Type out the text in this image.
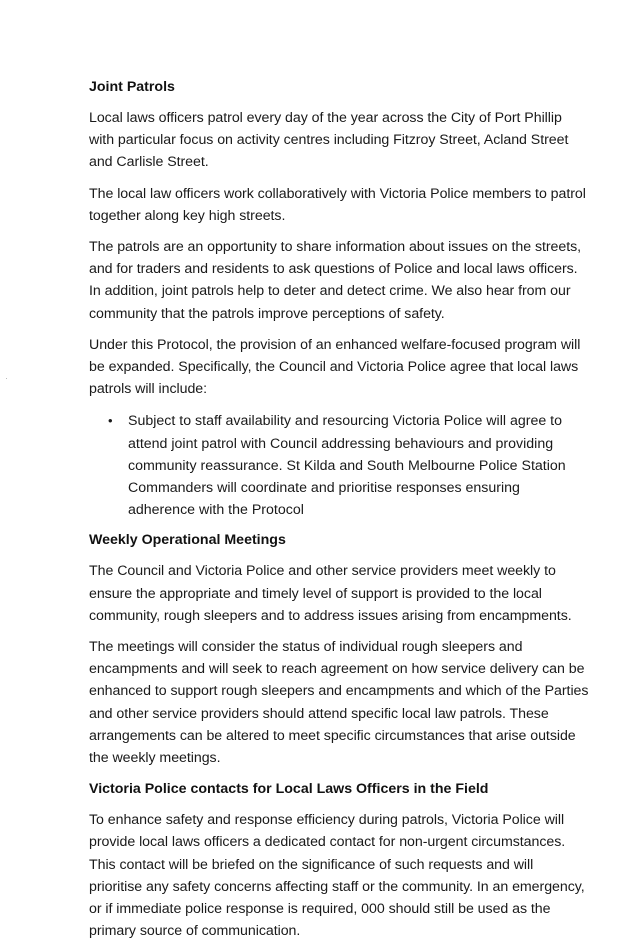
Joint Patrols

Local laws officers patrol every day of the year across the City of Port Phillip with particular focus on activity centres including Fitzroy Street, Acland Street and Carlisle Street.

The local law officers work collaboratively with Victoria Police members to patrol together along key high streets.

The patrols are an opportunity to share information about issues on the streets, and for traders and residents to ask questions of Police and local laws officers. In addition, joint patrols help to deter and detect crime. We also hear from our community that the patrols improve perceptions of safety.

Under this Protocol, the provision of an enhanced welfare-focused program will be expanded. Specifically, the Council and Victoria Police agree that local laws patrols will include:

• Subject to staff availability and resourcing Victoria Police will agree to attend joint patrol with Council addressing behaviours and providing community reassurance. St Kilda and South Melbourne Police Station Commanders will coordinate and prioritise responses ensuring adherence with the Protocol
Weekly Operational Meetings

The Council and Victoria Police and other service providers meet weekly to ensure the appropriate and timely level of support is provided to the local community, rough sleepers and to address issues arising from encampments.

The meetings will consider the status of individual rough sleepers and encampments and will seek to reach agreement on how service delivery can be enhanced to support rough sleepers and encampments and which of the Parties and other service providers should attend specific local law patrols. These arrangements can be altered to meet specific circumstances that arise outside the weekly meetings.

Victoria Police contacts for Local Laws Officers in the Field

To enhance safety and response efficiency during patrols, Victoria Police will provide local laws officers a dedicated contact for non-urgent circumstances. This contact will be briefed on the significance of such requests and will prioritise any safety concerns affecting staff or the community. In an emergency, or if immediate police response is required, 000 should still be used as the primary source of communication.
